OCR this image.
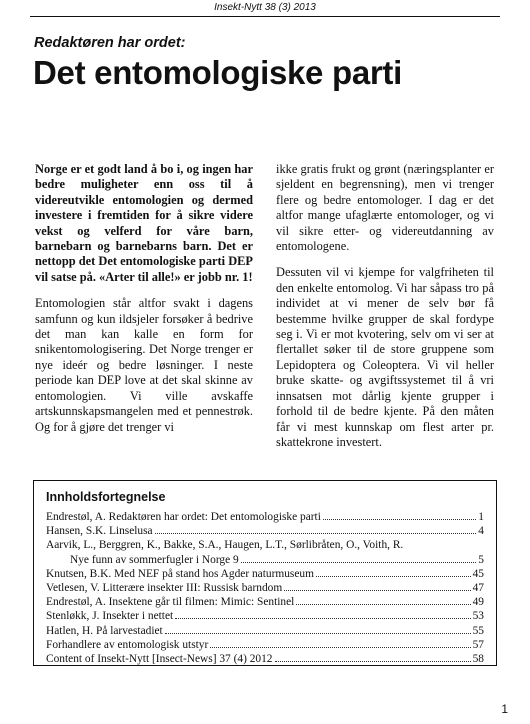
Insekt-Nytt 38 (3) 2013
Redaktøren har ordet:
Det entomologiske parti

Norge er et godt land å bo i, og ingen har bedre muligheter enn oss til å videreutvikle entomologien og dermed investere i fremtiden for å sikre videre vekst og velferd for våre barn, barnebarn og barnebarns barn. Det er nettopp det Det entomologiske parti DEP vil satse på. «Arter til alle!» er jobb nr. 1!

Entomologien står altfor svakt i dagens samfunn og kun ildsjeler forsøker å bedrive det man kan kalle en form for snikentomologisering. Det Norge trenger er nye ideér og bedre løsninger. I neste periode kan DEP love at det skal skinne av entomologien. Vi ville avskaffe artskunnskapsmangelen med et pennestrøk. Og for å gjøre det trenger vi

ikke gratis frukt og grønt (næringsplanter er sjeldent en begrensning), men vi trenger flere og bedre entomologer. I dag er det altfor mange ufaglærte entomologer, og vi vil sikre etter- og videreutdanning av entomologene.

Dessuten vil vi kjempe for valgfriheten til den enkelte entomolog. Vi har såpass tro på individet at vi mener de selv bør få bestemme hvilke grupper de skal fordype seg i. Vi er mot kvotering, selv om vi ser at flertallet søker til de store gruppene som Lepidoptera og Coleoptera. Vi vil heller bruke skatte- og avgiftssystemet til å vri innsatsen mot dårlig kjente grupper i forhold til de bedre kjente. På den måten får vi mest kunnskap om flest arter pr. skattekrone investert.

Innholdsfortegnelse
Endrestøl, A. Redaktøren har ordet: Det entomologiske parti	1
Hansen, S.K. Linselusa	4
Aarvik, L., Berggren, K., Bakke, S.A., Haugen, L.T., Sørlibråten, O., Voith, R.
Nye funn av sommerfugler i Norge 9	5
Knutsen, B.K. Med NEF på stand hos Agder naturmuseum	45
Vetlesen, V. Litterære insekter III: Russisk barndom	47
Endrestøl, A. Insektene går til filmen: Mimic: Sentinel	49
Stenløkk, J. Insekter i nettet	53
Hatlen, H. På larvestadiet	55
Forhandlere av entomologisk utstyr	57
Content of Insekt-Nytt [Insect-News] 37 (4) 2012	58
1
